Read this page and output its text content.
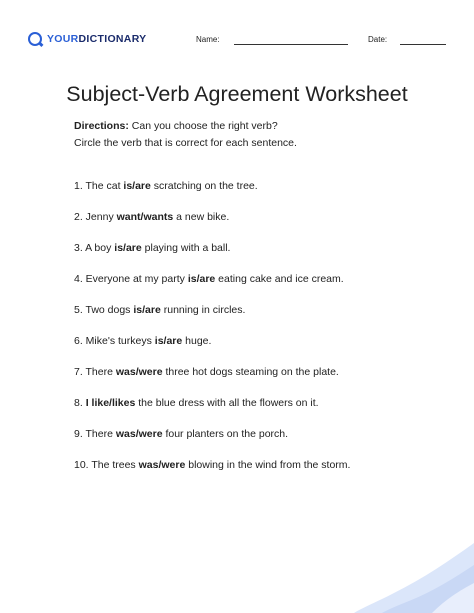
YOURDICTIONARY	Name:	Date:
Subject-Verb Agreement Worksheet
Directions: Can you choose the right verb?
Circle the verb that is correct for each sentence.
1. The cat is/are scratching on the tree.
2. Jenny want/wants a new bike.
3. A boy is/are playing with a ball.
4. Everyone at my party is/are eating cake and ice cream.
5. Two dogs is/are running in circles.
6. Mike's turkeys is/are huge.
7. There was/were three hot dogs steaming on the plate.
8. I like/likes the blue dress with all the flowers on it.
9. There was/were four planters on the porch.
10. The trees was/were blowing in the wind from the storm.
